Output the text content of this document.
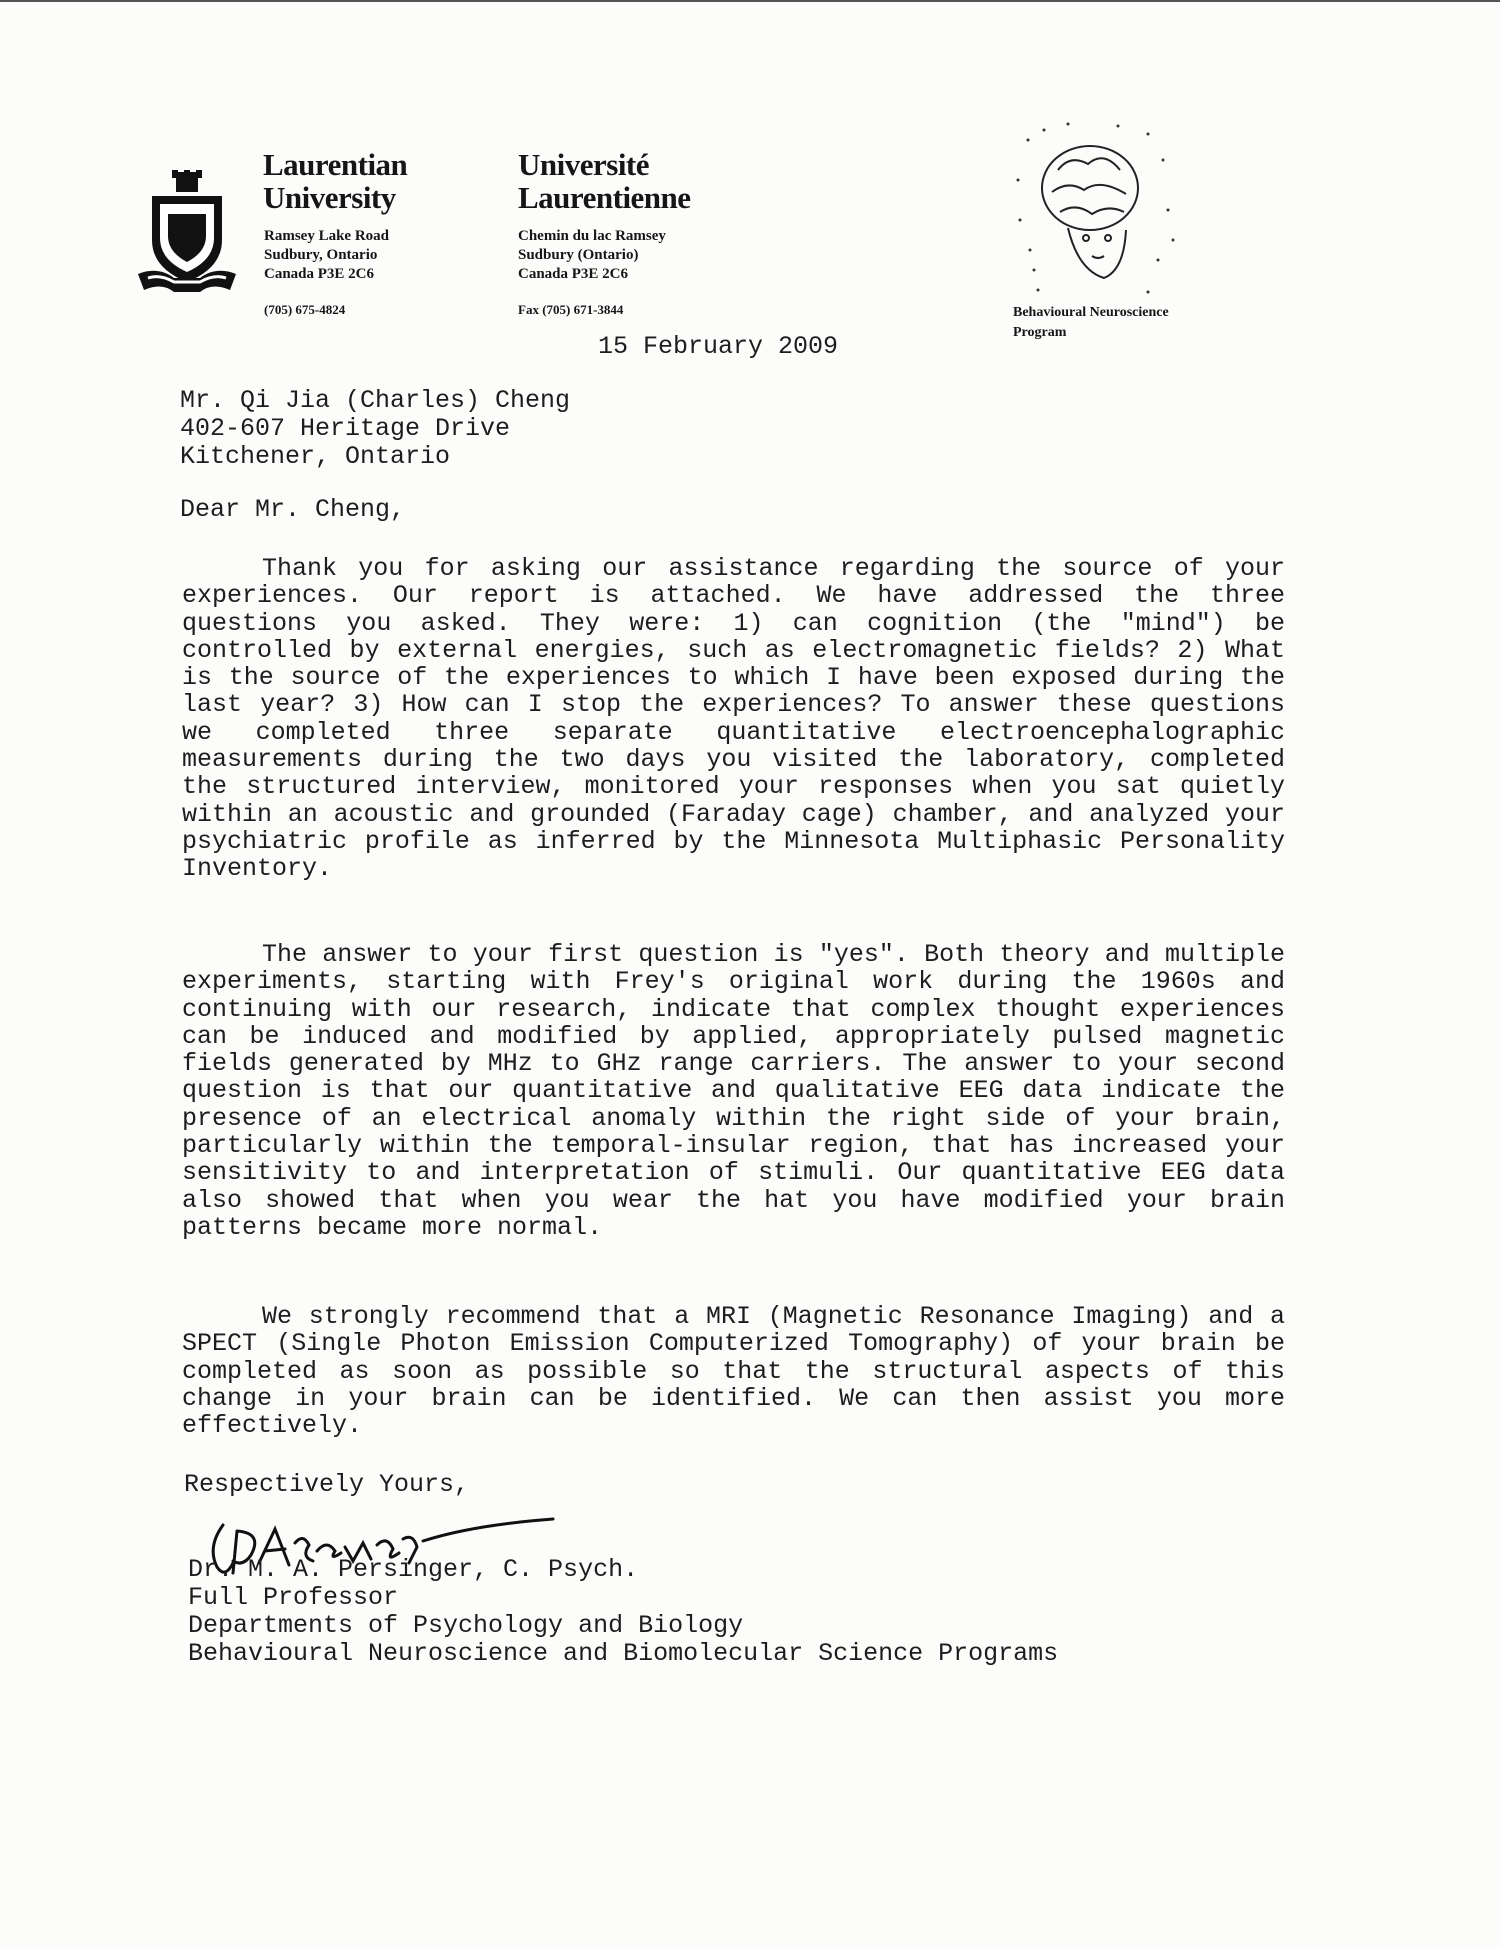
Laurentian
University
Université
Laurentienne
Ramsey Lake Road
Sudbury, Ontario
Canada P3E 2C6
Chemin du lac Ramsey
Sudbury (Ontario)
Canada P3E 2C6
(705) 675-4824	Fax (705) 671-3844	Behavioural Neuroscience
Program
15 February 2009
Mr. Qi Jia (Charles) Cheng
402-607 Heritage Drive
Kitchener, Ontario
Dear Mr. Cheng,

Thank you for asking our assistance regarding the source of your experiences. Our report is attached. We have addressed the three questions you asked. They were: 1) can cognition (the "mind") be controlled by external energies, such as electromagnetic fields? 2) What is the source of the experiences to which I have been exposed during the last year? 3) How can I stop the experiences? To answer these questions we completed three separate quantitative electroencephalographic measurements during the two days you visited the laboratory, completed the structured interview, monitored your responses when you sat quietly within an acoustic and grounded (Faraday cage) chamber, and analyzed your psychiatric profile as inferred by the Minnesota Multiphasic Personality Inventory.

The answer to your first question is "yes". Both theory and multiple experiments, starting with Frey's original work during the 1960s and continuing with our research, indicate that complex thought experiences can be induced and modified by applied, appropriately pulsed magnetic fields generated by MHz to GHz range carriers. The answer to your second question is that our quantitative and qualitative EEG data indicate the presence of an electrical anomaly within the right side of your brain, particularly within the temporal-insular region, that has increased your sensitivity to and interpretation of stimuli. Our quantitative EEG data also showed that when you wear the hat you have modified your brain patterns became more normal.

We strongly recommend that a MRI (Magnetic Resonance Imaging) and a SPECT (Single Photon Emission Computerized Tomography) of your brain be completed as soon as possible so that the structural aspects of this change in your brain can be identified. We can then assist you more effectively.

Respectively Yours,
Dr. M. A. Persinger, C. Psych.
Full Professor
Departments of Psychology and Biology
Behavioural Neuroscience and Biomolecular Science Programs
